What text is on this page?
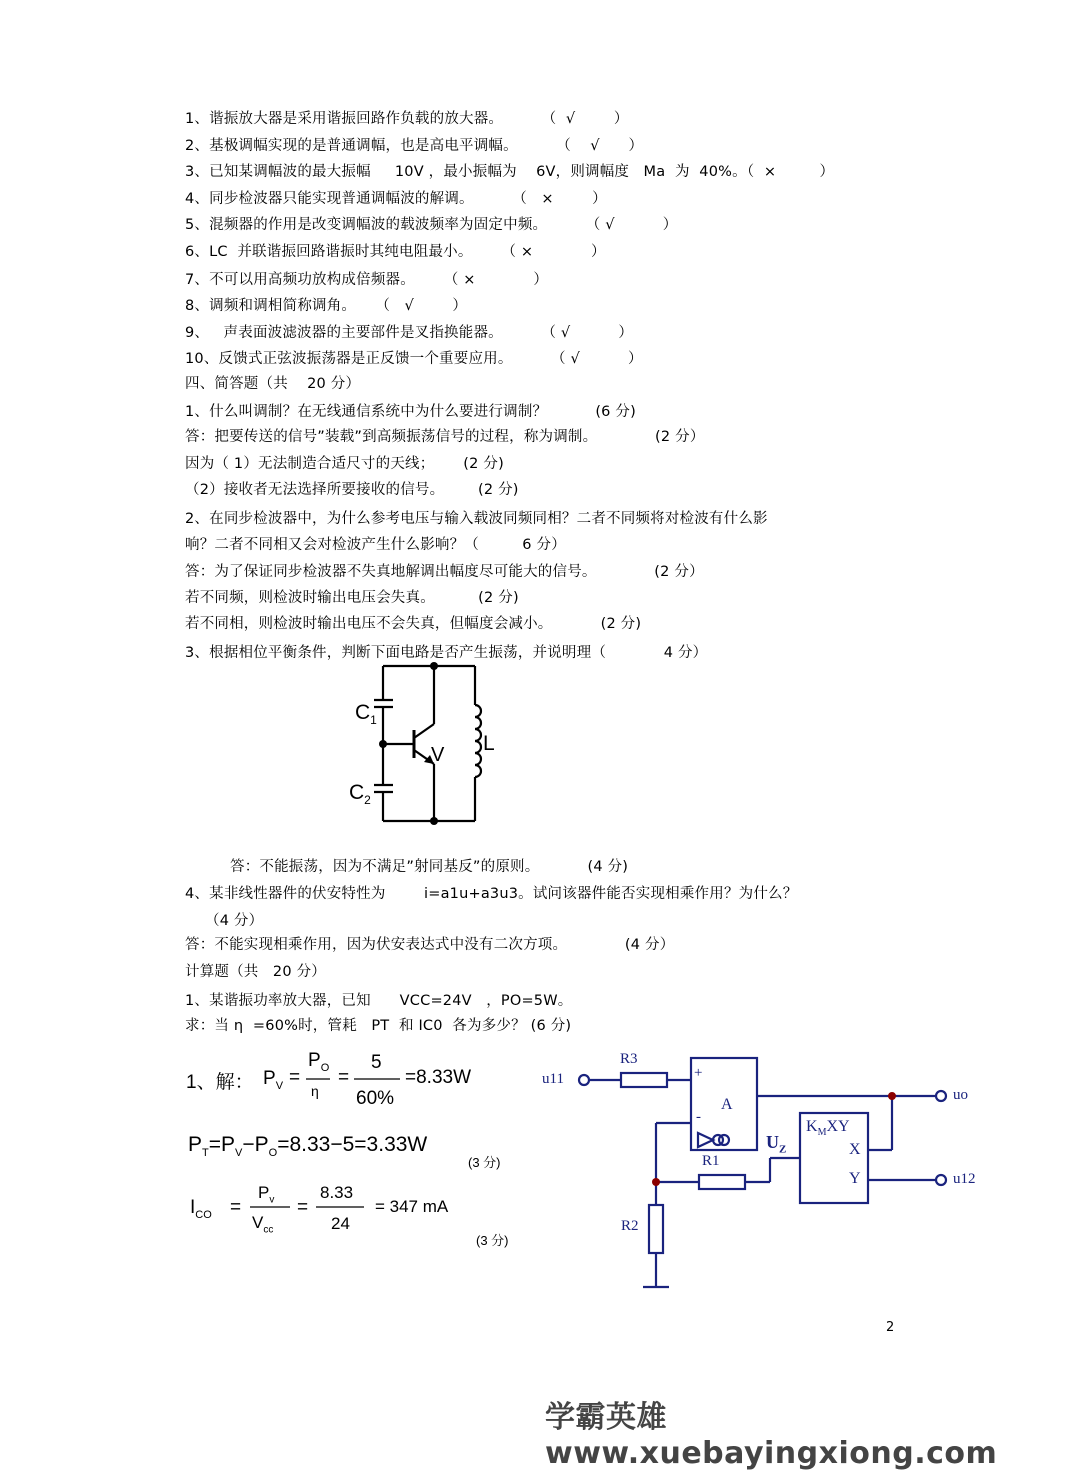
1、谐振放大器是采用谐振回路作负载的放大器。        （  √        ）
2、基极调幅实现的是普通调幅，也是高电平调幅。        （    √      ）
3、已知某调幅波的最大振幅     10V ，最小振幅为    6V，则调幅度   Ma  为  40%。（  ×         ）
4、同步检波器只能实现普通调幅波的解调。        （   ×        ）
5、混频器的作用是改变调幅波的载波频率为固定中频。        （ √          ）
6、LC  并联谐振回路谐振时其纯电阻最小。      （ ×            ）
7、不可以用高频功放构成倍频器。      （ ×            ）
8、调频和调相简称调角。    （   √        ）
9、   声表面波滤波器的主要部件是叉指换能器。        （ √          ）
10、反馈式正弦波振荡器是正反馈一个重要应用。        （ √          ）
四、简答题（共    20 分）
1、什么叫调制？在无线通信系统中为什么要进行调制？          (6 分)
答：把要传送的信号”装载”到高频振荡信号的过程，称为调制。            (2 分）
因为（ 1）无法制造合适尺寸的天线；      (2 分)
（2）接收者无法选择所要接收的信号。       (2 分)
2、在同步检波器中，为什么参考电压与输入载波同频同相？二者不同频将对检波有什么影
响？二者不同相又会对检波产生什么影响？（         6 分）
答：为了保证同步检波器不失真地解调出幅度尽可能大的信号。            (2 分）
若不同频，则检波时输出电压会失真。         (2 分)
若不同相，则检波时输出电压不会失真，但幅度会减小。          (2 分)
3、根据相位平衡条件，判断下面电路是否产生振荡，并说明理（            4 分）
$C_1$
$C_2$
L
V
答：不能振荡，因为不满足”射同基反”的原则。          (4 分)
4、某非线性器件的伏安特性为        i=a1u+a3u3。试问该器件能否实现相乘作用？为什么？
（4 分）
答：不能实现相乘作用，因为伏安表达式中没有二次方项。            (4 分）
计算题（共   20 分）
1、某谐振功率放大器，已知      VCC=24V   ，PO=5W。
求：当 η  =60%时，管耗   PT  和 IC0  各为多少？ (6 分)
1、解： $P_V$ =
$P_O$
η
=
5
60%
=8.33W
$P_T=P_V-P_O=8.33-5=3.33W$
(3 分)
$I_{CO}$ =
$P_v$
$V_{cc}$
=
8.33
24
= 347 mA
(3 分)
u11
R3
+
-
A
$U_Z$
R1
R2
$K_MXY$
X
Y
uo
u12
2
学霸英雄 www.xuebayingxiong.com
